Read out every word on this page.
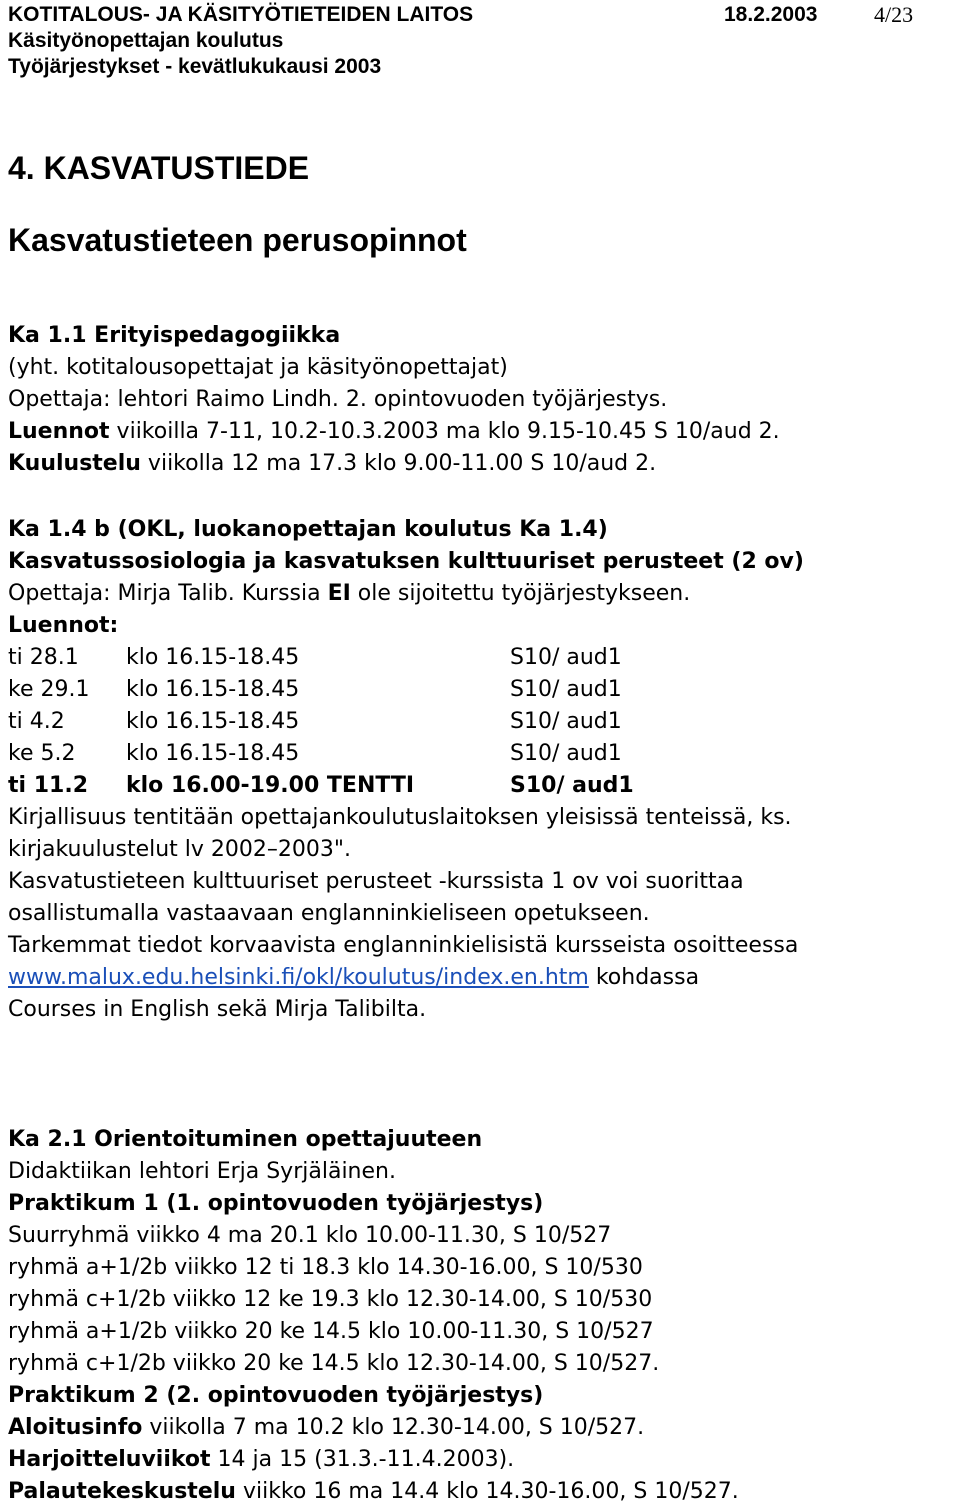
KOTITALOUS- JA KÄSITYÖTIETEIDEN LAITOS	18.2.2003	4/23
Käsityönopettajan koulutus
Työjärjestykset - kevätlukukausi 2003
4. KASVATUSTIEDE
Kasvatustieteen perusopinnot
Ka 1.1 Erityispedagogiikka
(yht. kotitalousopettajat ja käsityönopettajat)
Opettaja: lehtori Raimo Lindh. 2. opintovuoden työjärjestys.
Luennot viikoilla 7-11, 10.2-10.3.2003 ma klo 9.15-10.45 S 10/aud 2.
Kuulustelu viikolla 12 ma 17.3 klo 9.00-11.00 S 10/aud 2.
Ka 1.4 b (OKL, luokanopettajan koulutus Ka 1.4)
Kasvatussosiologia ja kasvatuksen kulttuuriset perusteet (2 ov)
Opettaja: Mirja Talib. Kurssia EI ole sijoitettu työjärjestykseen.
Luennot:
ti 28.1	klo 16.15-18.45	S10/ aud1
ke 29.1	klo 16.15-18.45	S10/ aud1
ti 4.2	klo 16.15-18.45	S10/ aud1
ke 5.2	klo 16.15-18.45	S10/ aud1
ti 11.2	klo 16.00-19.00 TENTTI	S10/ aud1
Kirjallisuus tentitään opettajankoulutuslaitoksen yleisissä tenteissä, ks.
kirjakuulustelut lv 2002–2003".
Kasvatustieteen kulttuuriset perusteet -kurssista 1 ov voi suorittaa
osallistumalla vastaavaan englanninkieliseen opetukseen.
Tarkemmat tiedot korvaavista englanninkielisistä kursseista osoitteessa
www.malux.edu.helsinki.fi/okl/koulutus/index.en.htm kohdassa
Courses in English sekä Mirja Talibilta.
Ka 2.1 Orientoituminen opettajuuteen
Didaktiikan lehtori Erja Syrjäläinen.
Praktikum 1 (1. opintovuoden työjärjestys)
Suurryhmä viikko 4 ma 20.1 klo 10.00-11.30, S 10/527
ryhmä a+1/2b viikko 12 ti 18.3 klo 14.30-16.00, S 10/530
ryhmä c+1/2b viikko 12 ke 19.3 klo 12.30-14.00, S 10/530
ryhmä a+1/2b viikko 20 ke 14.5 klo 10.00-11.30, S 10/527
ryhmä c+1/2b viikko 20 ke 14.5 klo 12.30-14.00, S 10/527.
Praktikum 2 (2. opintovuoden työjärjestys)
Aloitusinfo viikolla 7 ma 10.2 klo 12.30-14.00, S 10/527.
Harjoitteluviikot 14 ja 15 (31.3.-11.4.2003).
Palautekeskustelu viikko 16 ma 14.4 klo 14.30-16.00, S 10/527.
